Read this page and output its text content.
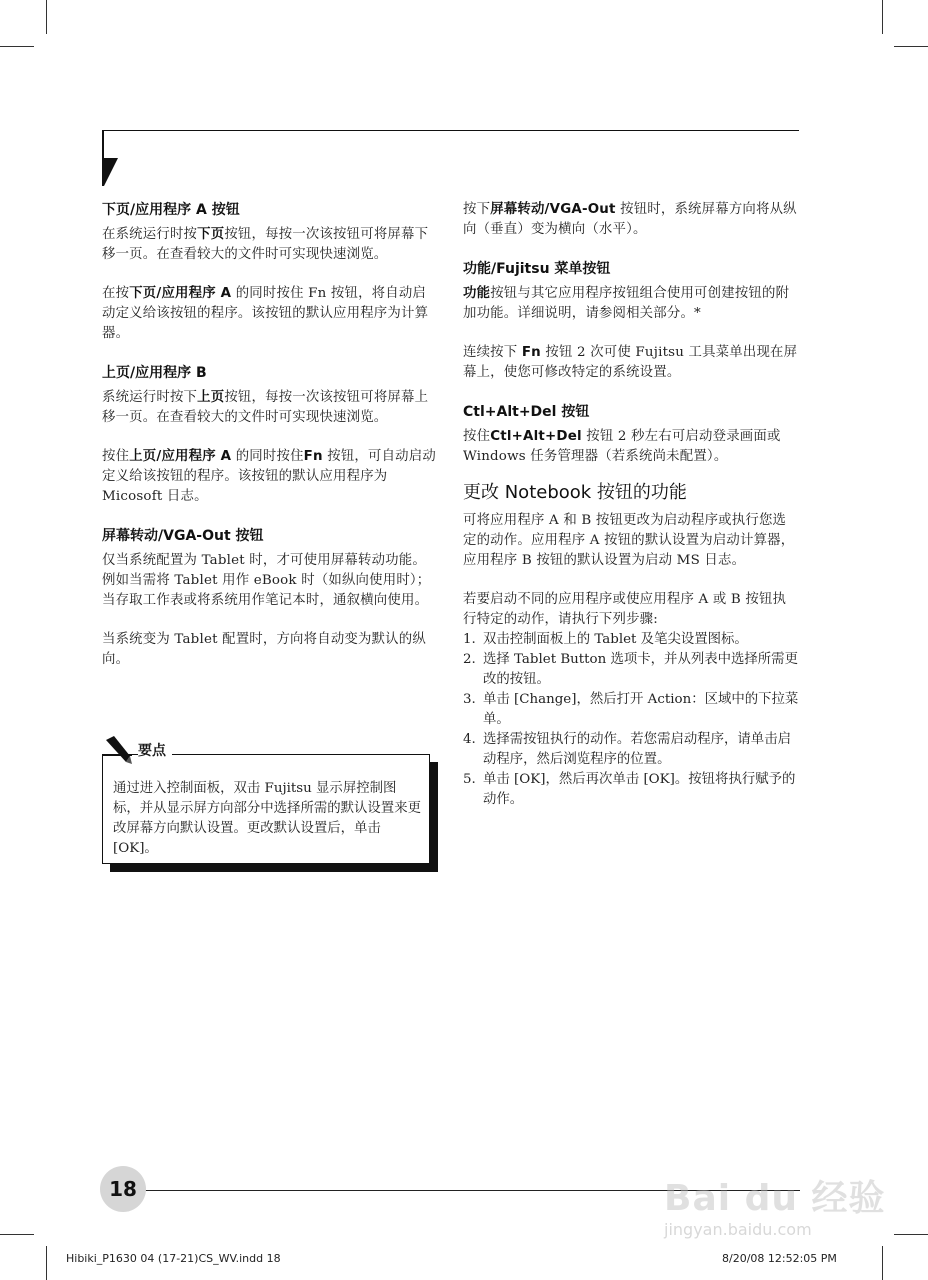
下页/应用程序 A 按钮

在系统运行时按下页按钮，每按一次该按钮可将屏幕下移一页。在查看较大的文件时可实现快速浏览。

在按下页/应用程序 A 的同时按住 Fn 按钮，将自动启动定义给该按钮的程序。该按钮的默认应用程序为计算器。

上页/应用程序 B

系统运行时按下上页按钮，每按一次该按钮可将屏幕上移一页。在查看较大的文件时可实现快速浏览。

按住上页/应用程序 A 的同时按住Fn 按钮，可自动启动定义给该按钮的程序。该按钮的默认应用程序为 Micosoft 日志。

屏幕转动/VGA-Out 按钮

仅当系统配置为 Tablet 时，才可使用屏幕转动功能。例如当需将 Tablet 用作 eBook 时（如纵向使用时）；当存取工作表或将系统用作笔记本时，通叙横向使用。

当系统变为 Tablet 配置时，方向将自动变为默认的纵向。

通过进入控制面板，双击 Fujitsu 显示屏控制图标，并从显示屏方向部分中选择所需的默认设置来更改屏幕方向默认设置。更改默认设置后，单击 [OK]。
要点

按下屏幕转动/VGA-Out 按钮时，系统屏幕方向将从纵向（垂直）变为横向（水平）。

功能/Fujitsu 菜单按钮

功能按钮与其它应用程序按钮组合使用可创建按钮的附加功能。详细说明，请参阅相关部分。*

连续按下 Fn 按钮 2 次可使 Fujitsu 工具菜单出现在屏幕上，使您可修改特定的系统设置。

Ctl+Alt+Del 按钮

按住Ctl+Alt+Del 按钮 2 秒左右可启动登录画面或 Windows 任务管理器（若系统尚未配置）。

更改 Notebook 按钮的功能

可将应用程序 A 和 B 按钮更改为启动程序或执行您选定的动作。应用程序 A 按钮的默认设置为启动计算器，应用程序 B 按钮的默认设置为启动 MS 日志。

若要启动不同的应用程序或使应用程序 A 或 B 按钮执行特定的动作，请执行下列步骤:

1. 双击控制面板上的 Tablet 及笔尖设置图标。
2. 选择 Tablet Button 选项卡，并从列表中选择所需更改的按钮。
3. 单击 [Change]，然后打开 Action：区域中的下拉菜单。
4. 选择需按钮执行的动作。若您需启动程序，请单击启动程序，然后浏览程序的位置。
5. 单击 [OK]，然后再次单击 [OK]。按钮将执行赋予的动作。
18	Bai du 经验
jingyan.baidu.com
Hibiki_P1630 04 (17-21)CS_WV.indd 18	8/20/08 12:52:05 PM
